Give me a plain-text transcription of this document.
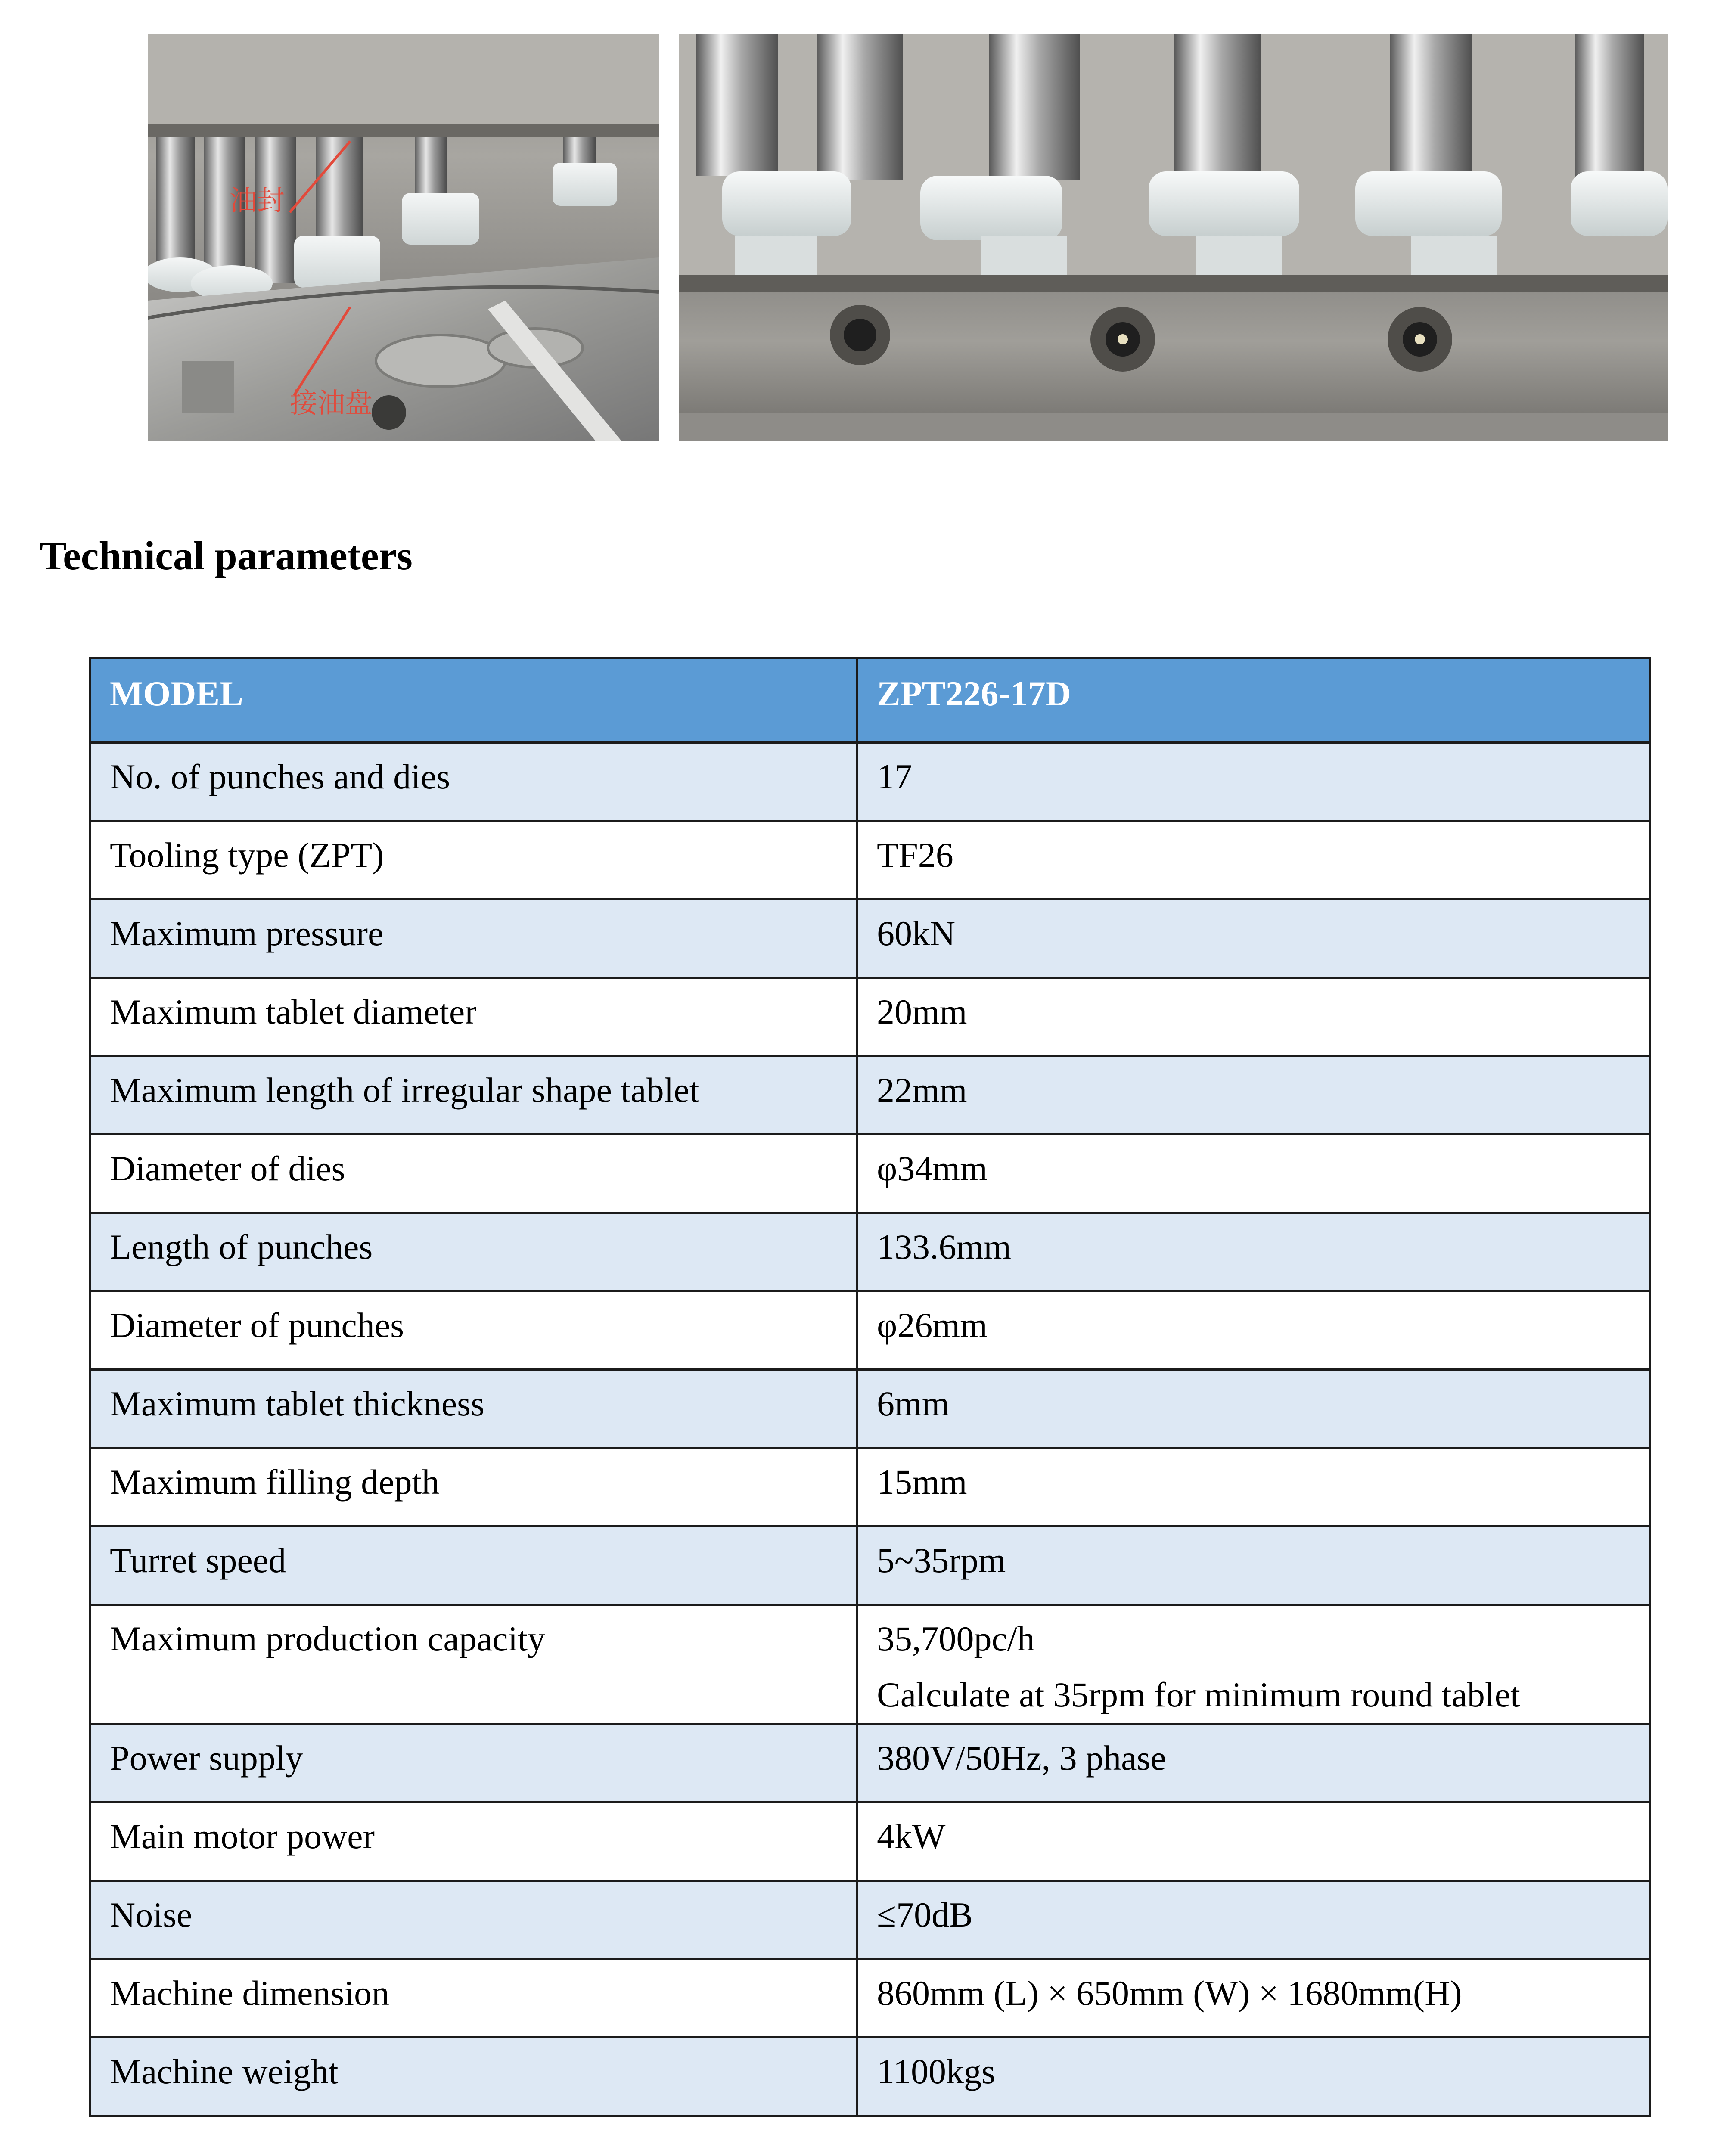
油封
接油盘
Technical parameters
MODEL	ZPT226-17D
No. of punches and dies	17
Tooling type (ZPT)	TF26
Maximum pressure	60kN
Maximum tablet diameter	20mm
Maximum length of irregular shape tablet	22mm
Diameter of dies	φ34mm
Length of punches	133.6mm
Diameter of punches	φ26mm
Maximum tablet thickness	6mm
Maximum filling depth	15mm
Turret speed	5~35rpm
Maximum production capacity	35,700pc/h
Calculate at 35rpm for minimum round tablet

Power supply	380V/50Hz, 3 phase
Main motor power	4kW
Noise	≤70dB
Machine dimension	860mm (L) × 650mm (W) × 1680mm(H)
Machine weight	1100kgs
